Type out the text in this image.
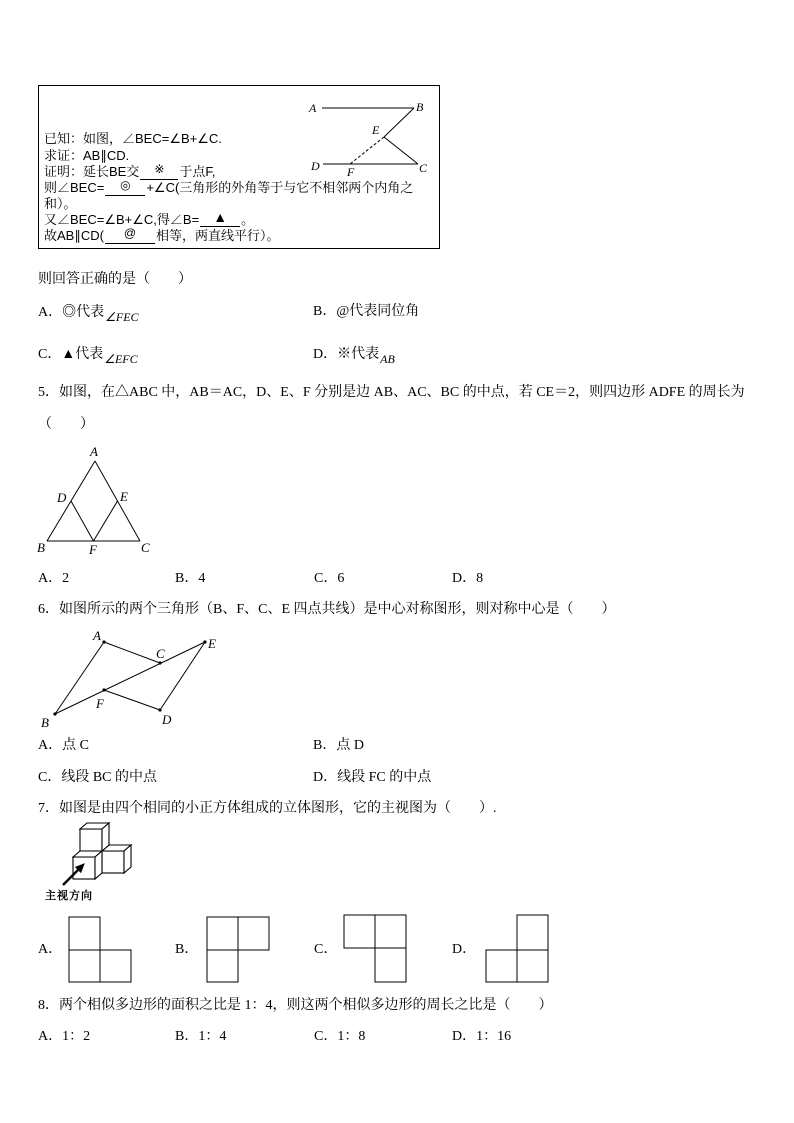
A	B
E
D F	C
A
D	E
B	F	C
A
E
C
F
B	D
已知：如图，∠BEC=∠B+∠C.
求证：AB∥CD.
证明：延长BE交 ※ 于点F,
则∠BEC= ◎ +∠C(三角形的外角等于与它不相邻两个内角之
和）。
又∠BEC=∠B+∠C,得∠B= ▲ 。
故AB∥CD( @ 相等，两直线平行）。
则回答正确的是（　　）
A．◎代表∠FEC	B．@代表同位角
C．▲代表∠EFC	D．※代表AB
5．如图，在△ABC 中，AB＝AC，D、E、F 分别是边 AB、AC、BC 的中点，若 CE＝2，则四边形 ADFE 的周长为
（　　）
A．2	B．4	C．6	D．8
6．如图所示的两个三角形（B、F、C、E 四点共线）是中心对称图形，则对称中心是（　　）
A．点 C	B．点 D
C．线段 BC 的中点	D．线段 FC 的中点
7．如图是由四个相同的小正方体组成的立体图形，它的主视图为（　　）.
主视方向
A．	B．	C．	D．
8．两个相似多边形的面积之比是 1：4，则这两个相似多边形的周长之比是（　　）
A．1：2	B．1：4	C．1：8	D．1：16
